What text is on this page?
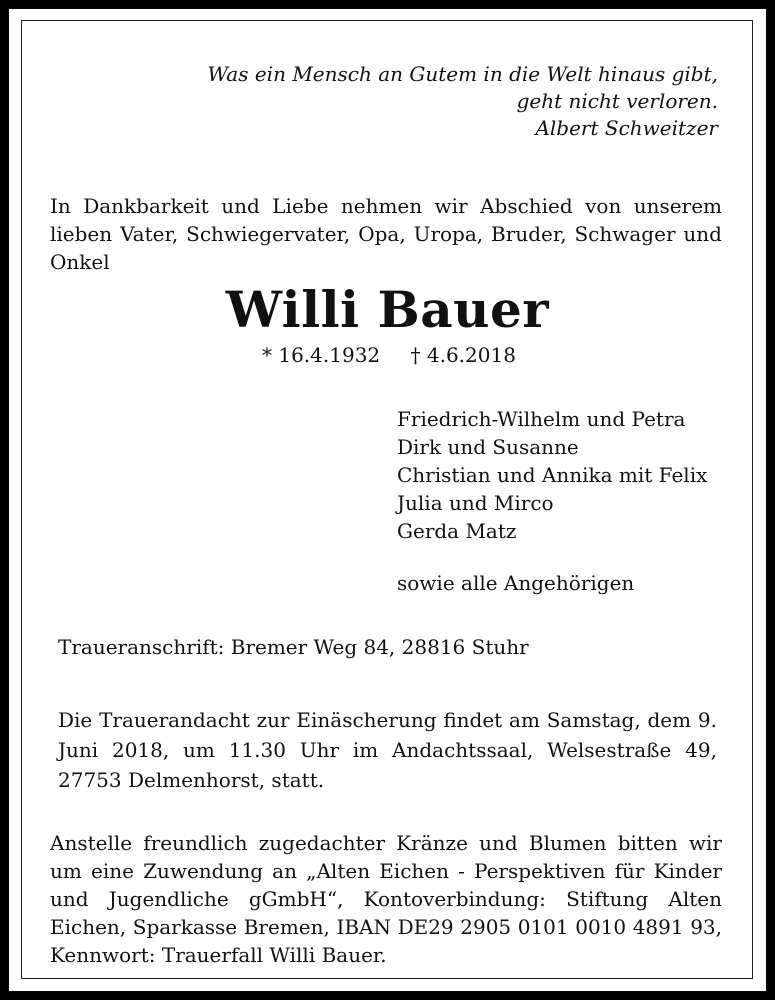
Was ein Mensch an Gutem in die Welt hinaus gibt,
geht nicht verloren.
Albert Schweitzer
In Dankbarkeit und Liebe nehmen wir Abschied von unserem lieben Vater, Schwiegervater, Opa, Uropa, Bruder, Schwager und Onkel
Willi Bauer
* 16.4.1932 † 4.6.2018
Friedrich-Wilhelm und Petra
Dirk und Susanne
Christian und Annika mit Felix
Julia und Mirco
Gerda Matz
sowie alle Angehörigen
Traueranschrift: Bremer Weg 84, 28816 Stuhr
Die Trauerandacht zur Einäscherung findet am Samstag, dem 9. Juni 2018, um 11.30 Uhr im Andachtssaal, Welsestraße 49, 27753 Delmenhorst, statt.
Anstelle freundlich zugedachter Kränze und Blumen bitten wir um eine Zuwendung an „Alten Eichen - Perspektiven für Kinder und Jugendliche gGmbH“, Kontoverbindung: Stiftung Alten Eichen, Sparkasse Bremen, IBAN DE29 2905 0101 0010 4891 93, Kennwort: Trauerfall Willi Bauer.
